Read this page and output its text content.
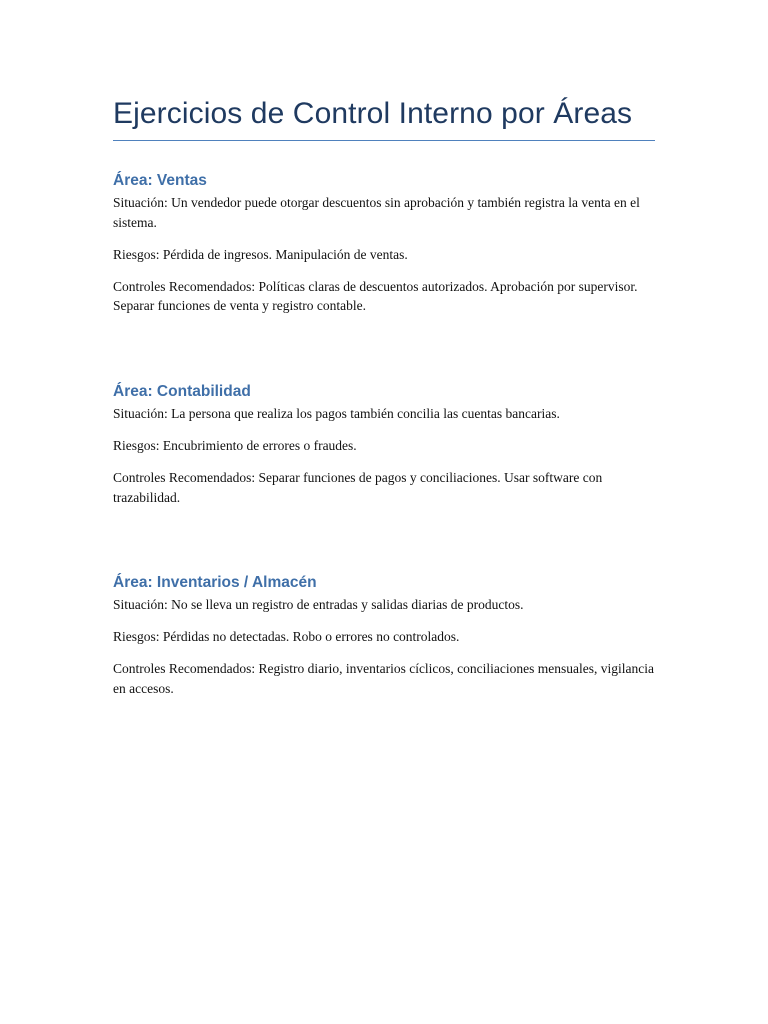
Ejercicios de Control Interno por Áreas
Área: Ventas

Situación: Un vendedor puede otorgar descuentos sin aprobación y también registra la venta en el sistema.

Riesgos: Pérdida de ingresos. Manipulación de ventas.

Controles Recomendados: Políticas claras de descuentos autorizados. Aprobación por supervisor. Separar funciones de venta y registro contable.

Área: Contabilidad

Situación: La persona que realiza los pagos también concilia las cuentas bancarias.

Riesgos: Encubrimiento de errores o fraudes.

Controles Recomendados: Separar funciones de pagos y conciliaciones. Usar software con trazabilidad.

Área: Inventarios / Almacén

Situación: No se lleva un registro de entradas y salidas diarias de productos.

Riesgos: Pérdidas no detectadas. Robo o errores no controlados.

Controles Recomendados: Registro diario, inventarios cíclicos, conciliaciones mensuales, vigilancia en accesos.
